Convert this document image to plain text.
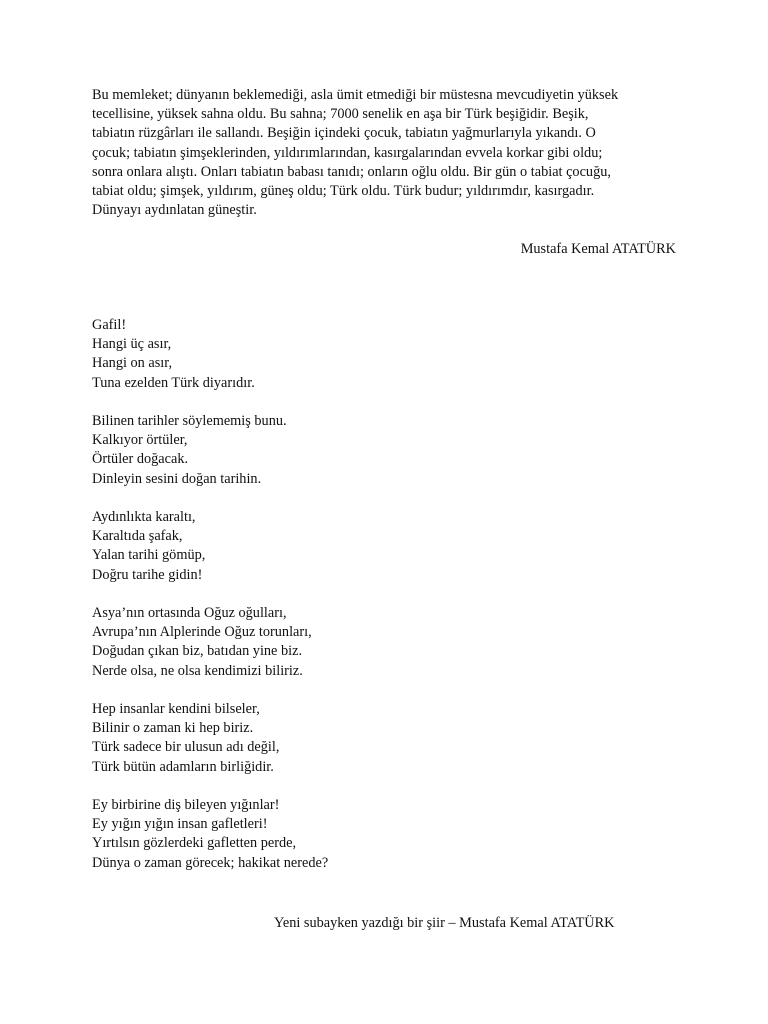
Bu memleket; dünyanın beklemediği, asla ümit etmediği bir müstesna mevcudiyetin yüksek
tecellisine, yüksek sahna oldu. Bu sahna; 7000 senelik en aşa bir Türk beşiğidir. Beşik,
tabiatın rüzgârları ile sallandı. Beşiğin içindeki çocuk, tabiatın yağmurlarıyla yıkandı. O
çocuk; tabiatın şimşeklerinden, yıldırımlarından, kasırgalarından evvela korkar gibi oldu;
sonra onlara alıştı. Onları tabiatın babası tanıdı; onların oğlu oldu. Bir gün o tabiat çocuğu,
tabiat oldu; şimşek, yıldırım, güneş oldu; Türk oldu. Türk budur; yıldırımdır, kasırgadır.
Dünyayı aydınlatan güneştir.
Mustafa Kemal ATATÜRK
Gafil!
Hangi üç asır,
Hangi on asır,
Tuna ezelden Türk diyarıdır.
Bilinen tarihler söylememiş bunu.
Kalkıyor örtüler,
Örtüler doğacak.
Dinleyin sesini doğan tarihin.
Aydınlıkta karaltı,
Karaltıda şafak,
Yalan tarihi gömüp,
Doğru tarihe gidin!
Asya’nın ortasında Oğuz oğulları,
Avrupa’nın Alplerinde Oğuz torunları,
Doğudan çıkan biz, batıdan yine biz.
Nerde olsa, ne olsa kendimizi biliriz.
Hep insanlar kendini bilseler,
Bilinir o zaman ki hep biriz.
Türk sadece bir ulusun adı değil,
Türk bütün adamların birliğidir.
Ey birbirine diş bileyen yığınlar!
Ey yığın yığın insan gafletleri!
Yırtılsın gözlerdeki gafletten perde,
Dünya o zaman görecek; hakikat nerede?
Yeni subayken yazdığı bir şiir – Mustafa Kemal ATATÜRK
